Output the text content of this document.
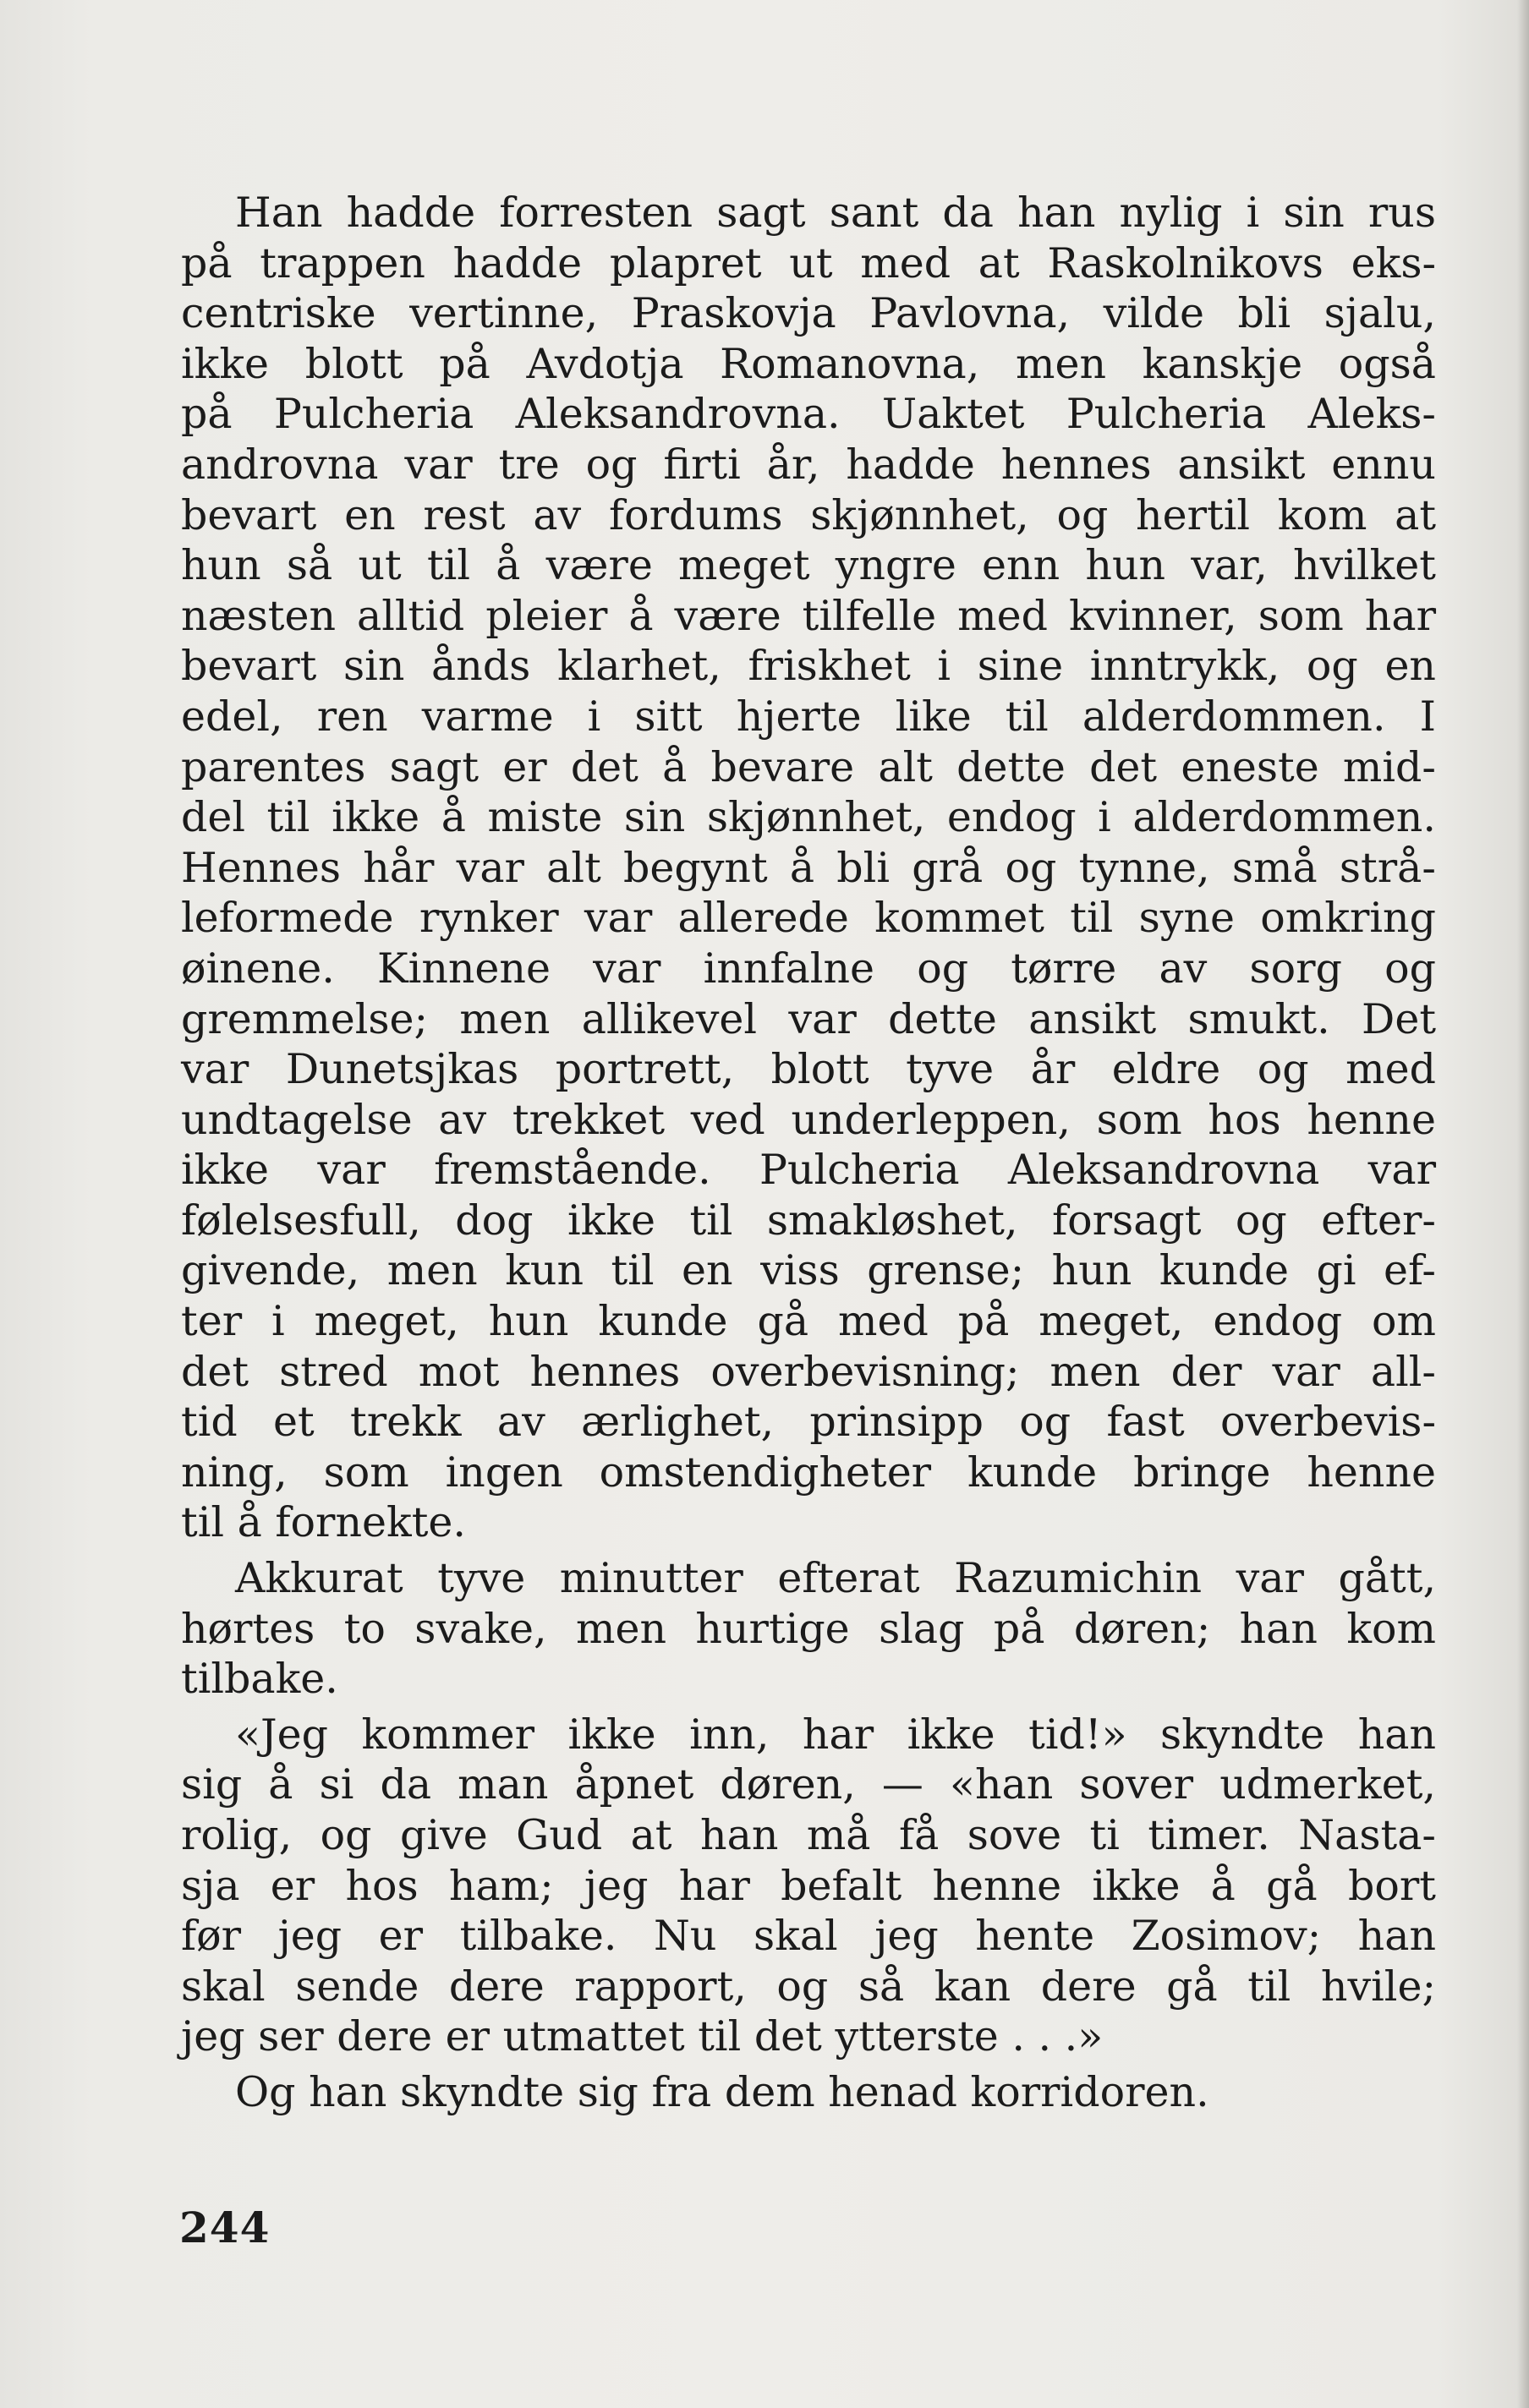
Han hadde forresten sagt sant da han nylig i sin rus
på trappen hadde plapret ut med at Raskolnikovs eks-
centriske vertinne, Praskovja Pavlovna, vilde bli sjalu,
ikke blott på Avdotja Romanovna, men kanskje også
på Pulcheria Aleksandrovna. Uaktet Pulcheria Aleks-
androvna var tre og firti år, hadde hennes ansikt ennu
bevart en rest av fordums skjønnhet, og hertil kom at
hun så ut til å være meget yngre enn hun var, hvilket
næsten alltid pleier å være tilfelle med kvinner, som har
bevart sin ånds klarhet, friskhet i sine inntrykk, og en
edel, ren varme i sitt hjerte like til alderdommen. I
parentes sagt er det å bevare alt dette det eneste mid-
del til ikke å miste sin skjønnhet, endog i alderdommen.
Hennes hår var alt begynt å bli grå og tynne, små strå-
leformede rynker var allerede kommet til syne omkring
øinene. Kinnene var innfalne og tørre av sorg og
gremmelse; men allikevel var dette ansikt smukt. Det
var Dunetsjkas portrett, blott tyve år eldre og med
undtagelse av trekket ved underleppen, som hos henne
ikke var fremstående. Pulcheria Aleksandrovna var
følelsesfull, dog ikke til smakløshet, forsagt og efter-
givende, men kun til en viss grense; hun kunde gi ef-
ter i meget, hun kunde gå med på meget, endog om
det stred mot hennes overbevisning; men der var all-
tid et trekk av ærlighet, prinsipp og fast overbevis-
ning, som ingen omstendigheter kunde bringe henne
til å fornekte.
Akkurat tyve minutter efterat Razumichin var gått,
hørtes to svake, men hurtige slag på døren; han kom
tilbake.
«Jeg kommer ikke inn, har ikke tid!» skyndte han
sig å si da man åpnet døren, — «han sover udmerket,
rolig, og give Gud at han må få sove ti timer. Nasta-
sja er hos ham; jeg har befalt henne ikke å gå bort
før jeg er tilbake. Nu skal jeg hente Zosimov; han
skal sende dere rapport, og så kan dere gå til hvile;
jeg ser dere er utmattet til det ytterste . . .»
Og han skyndte sig fra dem henad korridoren.
244
